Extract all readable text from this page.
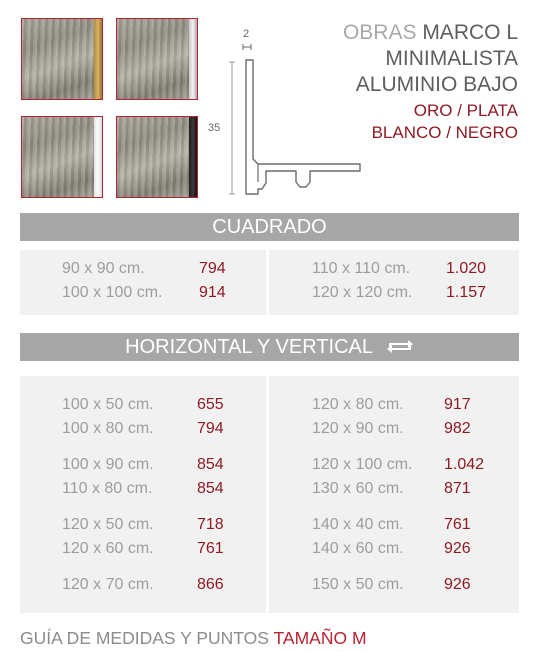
2
35
OBRAS MARCO L
MINIMALISTA
ALUMINIO BAJO
ORO / PLATA
BLANCO / NEGRO
CUADRADO
90 x 90 cm.	794
100 x 100 cm. 914
110 x 110 cm. 1.020
120 x 120 cm. 1.157
HORIZONTAL Y VERTICAL
100 x 50 cm.	655
100 x 80 cm.	794
100 x 90 cm.	854
110 x 80 cm.	854
120 x 50 cm.	718
120 x 60 cm.	761
120 x 70 cm.	866
120 x 80 cm.	917
120 x 90 cm.	982
120 x 100 cm. 1.042
130 x 60 cm.	871
140 x 40 cm.	761
140 x 60 cm.	926
150 x 50 cm.	926
GUÍA DE MEDIDAS Y PUNTOS TAMAÑO M
